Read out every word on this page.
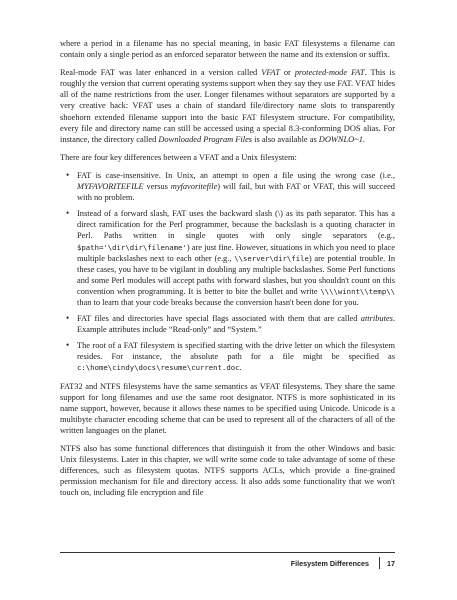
where a period in a filename has no special meaning, in basic FAT filesystems a filename can contain only a single period as an enforced separator between the name and its extension or suffix.

Real-mode FAT was later enhanced in a version called VFAT or protected-mode FAT. This is roughly the version that current operating systems support when they say they use FAT. VFAT hides all of the name restrictions from the user. Longer filenames without separators are supported by a very creative hack: VFAT uses a chain of standard file/directory name slots to transparently shoehorn extended filename support into the basic FAT filesystem structure. For compatibility, every file and directory name can still be accessed using a special 8.3-conforming DOS alias. For instance, the directory called Downloaded Program Files is also available as DOWNLO~1.

There are four key differences between a VFAT and a Unix filesystem:

• FAT is case-insensitive. In Unix, an attempt to open a file using the wrong case (i.e., MYFAVORITEFILE versus myfavoritefile) will fail, but with FAT or VFAT, this will succeed with no problem.
• Instead of a forward slash, FAT uses the backward slash (\) as its path separator. This has a direct ramification for the Perl programmer, because the backslash is a quoting character in Perl. Paths written in single quotes with only single separators (e.g., $path='\dir\dir\filename') are just fine. However, situations in which you need to place multiple backslashes next to each other (e.g., \\server\dir\file) are potential trouble. In these cases, you have to be vigilant in doubling any multiple backslashes. Some Perl functions and some Perl modules will accept paths with forward slashes, but you shouldn't count on this convention when programming. It is better to bite the bullet and write \\\\winnt\\temp\\ than to learn that your code breaks because the conversion hasn't been done for you.
• FAT files and directories have special flags associated with them that are called attributes. Example attributes include “Read-only” and “System.”
• The root of a FAT filesystem is specified starting with the drive letter on which the filesystem resides. For instance, the absolute path for a file might be specified as c:\home\cindy\docs\resume\current.doc.

FAT32 and NTFS filesystems have the same semantics as VFAT filesystems. They share the same support for long filenames and use the same root designator. NTFS is more sophisticated in its name support, however, because it allows these names to be specified using Unicode. Unicode is a multibyte character encoding scheme that can be used to represent all of the characters of all of the written languages on the planet.

NTFS also has some functional differences that distinguish it from the other Windows and basic Unix filesystems. Later in this chapter, we will write some code to take advantage of some of these differences, such as filesystem quotas. NTFS supports ACLs, which provide a fine-grained permission mechanism for file and directory access. It also adds some functionality that we won't touch on, including file encryption and file

Filesystem Differences	17
